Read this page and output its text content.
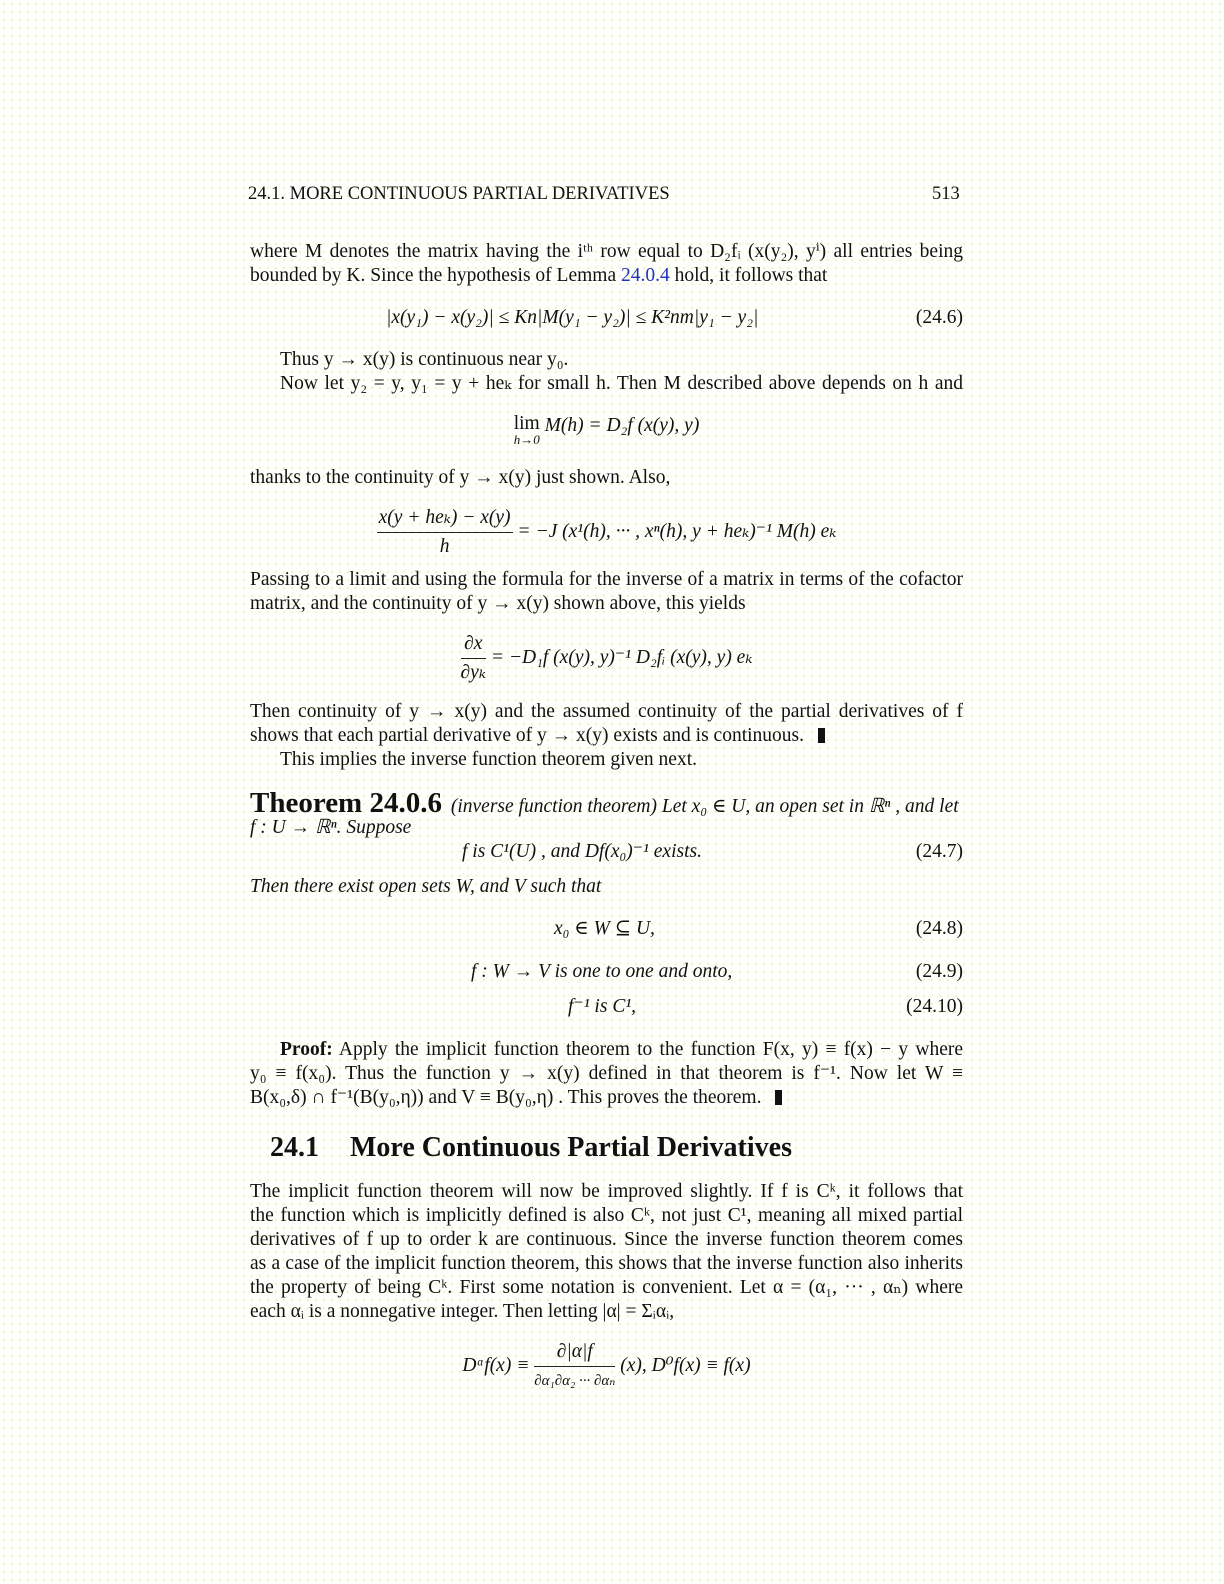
24.1. MORE CONTINUOUS PARTIAL DERIVATIVES	513
where M denotes the matrix having the iᵗʰ row equal to D₂fᵢ (x(y₂), yⁱ) all entries being
bounded by K. Since the hypothesis of Lemma 24.0.4 hold, it follows that
|x(y₁) − x(y₂)| ≤ Kn|M(y₁ − y₂)| ≤ K²nm|y₁ − y₂|	(24.6)
Thus y → x(y) is continuous near y₀.
Now let y₂ = y, y₁ = y + heₖ for small h. Then M described above depends on h and
lim
h→0
M(h) = D₂f (x(y), y)
thanks to the continuity of y → x(y) just shown. Also,
$\frac{\text{x(y + heₖ) − x(y)}}{h} = -J$ (x¹(h), ··· , xⁿ(h), y + heₖ)⁻¹ M(h) eₖ
Passing to a limit and using the formula for the inverse of a matrix in terms of the cofactor
matrix, and the continuity of y → x(y) shown above, this yields
$\frac{\partial x}{\text{∂yₖ}} = -D_1f$ (x(y), y)⁻¹ D₂fᵢ (x(y), y) eₖ
Then continuity of y → x(y) and the assumed continuity of the partial derivatives of f
shows that each partial derivative of y → x(y) exists and is continuous.
This implies the inverse function theorem given next.
Theorem 24.0.6 (inverse function theorem) Let x₀ ∈ U, an open set in ℝⁿ , and let
f : U → ℝⁿ. Suppose
f is C¹(U) , and Df(x₀)⁻¹ exists.	(24.7)
Then there exist open sets W, and V such that
x₀ ∈ W ⊆ U,	(24.8)
f : W → V is one to one and onto,	(24.9)
f⁻¹ is C¹,	(24.10)
Proof: Apply the implicit function theorem to the function F(x, y) ≡ f(x) − y where
y₀ ≡ f(x₀). Thus the function y → x(y) defined in that theorem is f⁻¹. Now let W ≡
B(x₀,δ) ∩ f⁻¹(B(y₀,η)) and V ≡ B(y₀,η) . This proves the theorem.
24.1 More Continuous Partial Derivatives
The implicit function theorem will now be improved slightly. If f is Cᵏ, it follows that
the function which is implicitly defined is also Cᵏ, not just C¹, meaning all mixed partial
derivatives of f up to order k are continuous. Since the inverse function theorem comes
as a case of the implicit function theorem, this shows that the inverse function also inherits
the property of being Cᵏ. First some notation is convenient. Let α = (α₁, ··· , αₙ) where
each αᵢ is a nonnegative integer. Then letting |α| = Σᵢαᵢ,
Dᵅf(x) ≡ $\frac{\partial|\alpha|f}{\text{∂α₁∂α₂ ··· ∂αₙ}} (x)$, D⁰f(x) ≡ f(x)
